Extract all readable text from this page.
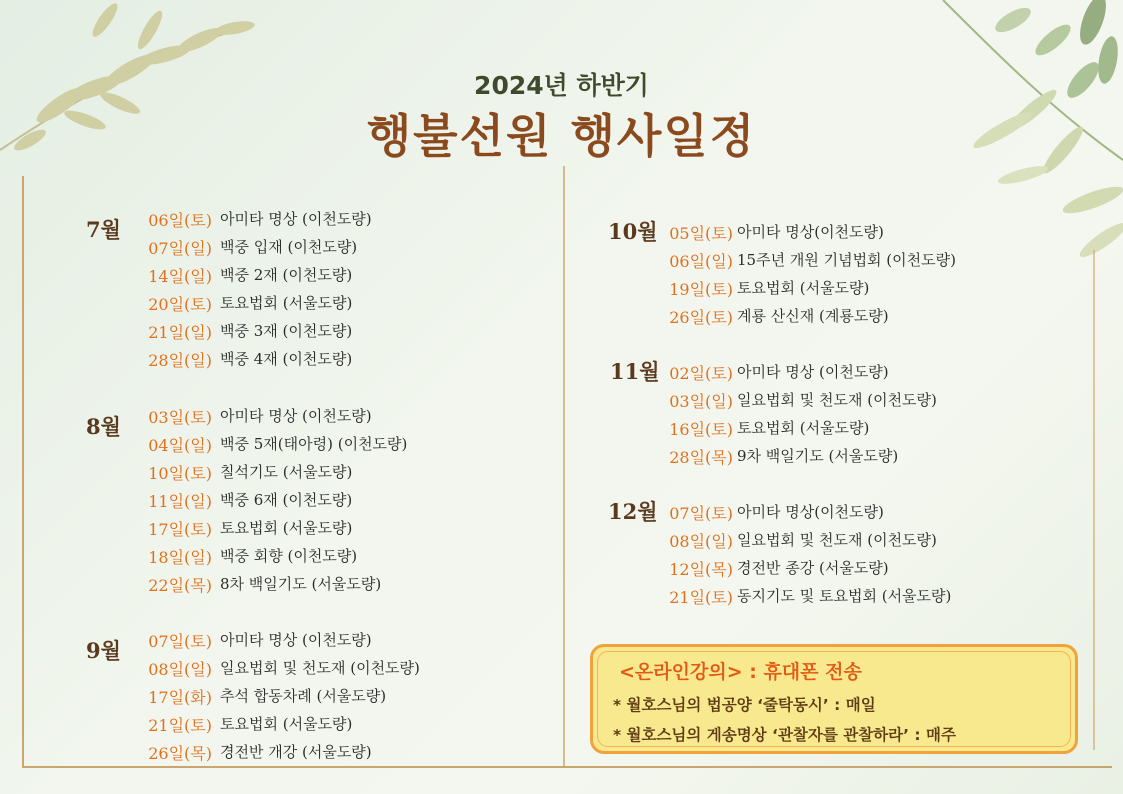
2024년 하반기
행불선원 행사일정
7월	06일(토) 아미타 명상 (이천도량)
07일(일) 백중 입재 (이천도량)
14일(일) 백중 2재 (이천도량)
20일(토) 토요법회 (서울도량)
21일(일) 백중 3재 (이천도량)
28일(일) 백중 4재 (이천도량)
8월	03일(토) 아미타 명상 (이천도량)
04일(일) 백중 5재(태아령) (이천도량)
10일(토) 칠석기도 (서울도량)
11일(일) 백중 6재 (이천도량)
17일(토) 토요법회 (서울도량)
18일(일) 백중 회향 (이천도량)
22일(목) 8차 백일기도 (서울도량)
9월	07일(토) 아미타 명상 (이천도량)
08일(일) 일요법회 및 천도재 (이천도량)
17일(화) 추석 합동차례 (서울도량)
21일(토) 토요법회 (서울도량)
26일(목) 경전반 개강 (서울도량)
10월 05일(토) 아미타 명상(이천도량)
06일(일) 15주년 개원 기념법회 (이천도량)
19일(토) 토요법회 (서울도량)
26일(토) 계룡 산신재 (계룡도량)
11월 02일(토) 아미타 명상 (이천도량)
03일(일) 일요법회 및 천도재 (이천도량)
16일(토) 토요법회 (서울도량)
28일(목) 9차 백일기도 (서울도량)
12월 07일(토) 아미타 명상(이천도량)
08일(일) 일요법회 및 천도재 (이천도량)
12일(목) 경전반 종강 (서울도량)
21일(토) 동지기도 및 토요법회 (서울도량)
<온라인강의> : 휴대폰 전송
* 월호스님의 법공양 ‘줄탁동시’ : 매일
* 월호스님의 게송명상 ‘관찰자를 관찰하라’ : 매주
